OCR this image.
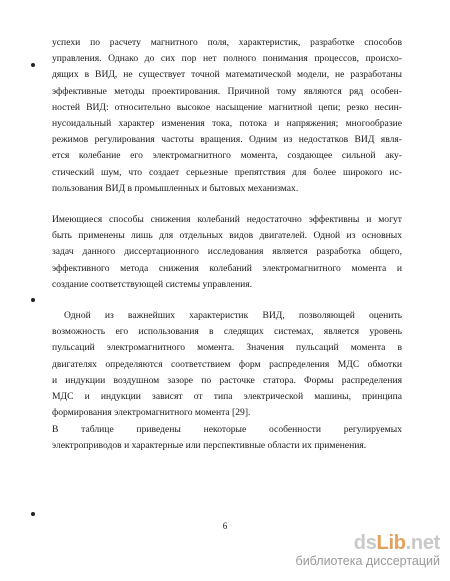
успехи по расчету магнитного поля, характеристик, разработке способов
управления. Однако до сих пор нет полного понимания процессов, происхо-
дящих в ВИД, не существует точной математической модели, не разработаны
эффективные методы проектирования. Причиной тому являются ряд особен-
ностей ВИД: относительно высокое насыщение магнитной цепи; резко несин-
нусоидальный характер изменения тока, потока и напряжения; многообразие
режимов регулирования частоты вращения. Одним из недостатков ВИД явля-
ется колебание его электромагнитного момента, создающее сильной аку-
стический шум, что создает серьезные препятствия для более широкого ис-
пользования ВИД в промышленных и бытовых механизмах.
Имеющиеся способы снижения колебаний недостаточно эффективны и могут
быть применены лишь для отдельных видов двигателей. Одной из основных
задач данного диссертационного исследования является разработка общего,
эффективного метода снижения колебаний электромагнитного момента и
создание соответствующей системы управления.
Одной из важнейших характеристик ВИД, позволяющей оценить
возможность его использования в следящих системах, является уровень
пульсаций электромагнитного момента. Значения пульсаций момента в
двигателях определяются соответствием форм распределения МДС обмотки
и индукции воздушном зазоре по расточке статора. Формы распределения
МДС и индукции зависят от типа электрической машины, принципа
формирования электромагнитного момента [29].
В таблице приведены некоторые особенности регулируемых
электроприводов и характерные или перспективные области их применения.
6
dsLib.net
библиотека диссертаций
